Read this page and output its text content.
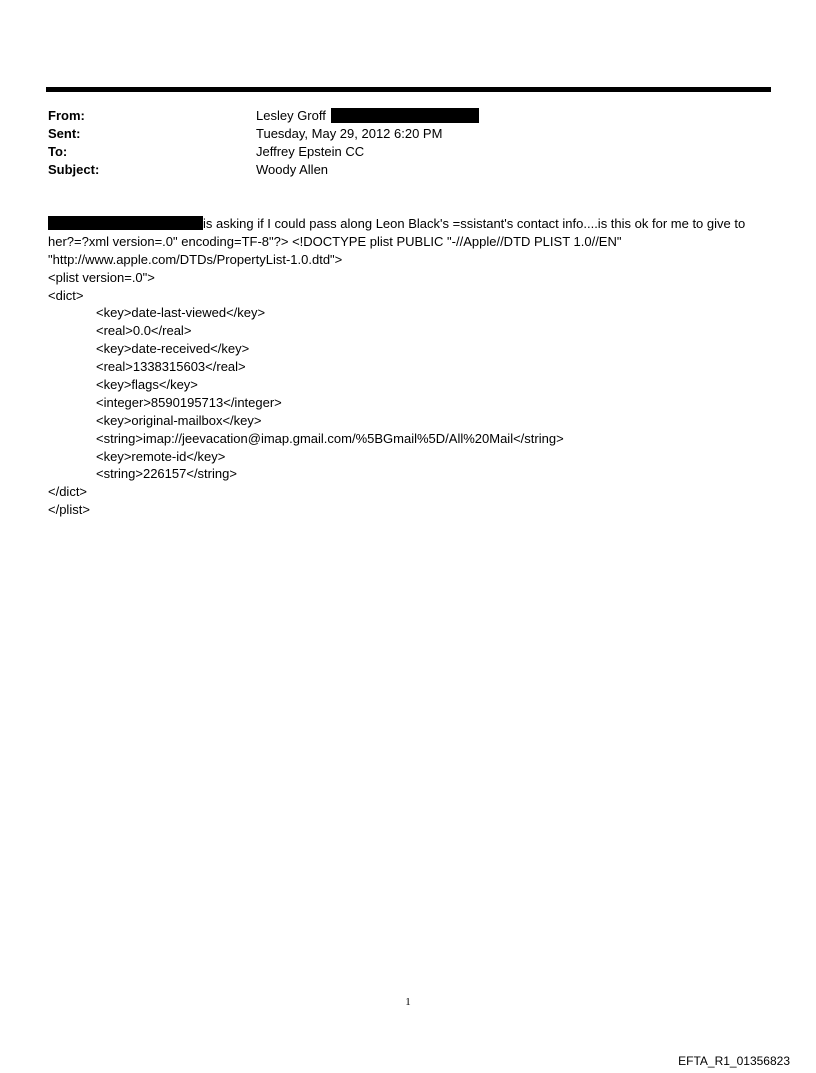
From:	Lesley Groff
Sent:	Tuesday, May 29, 2012 6:20 PM
To:	Jeffrey Epstein CC
Subject:	Woody Allen
is asking if I could pass along Leon Black's =ssistant's contact info....is this ok for me to give to
her?=?xml version=.0" encoding=TF-8"?> <!DOCTYPE plist PUBLIC "-//Apple//DTD PLIST 1.0//EN"
"http://www.apple.com/DTDs/PropertyList-1.0.dtd">
<plist version=.0">
<dict>
<key>date-last-viewed</key>
<real>0.0</real>
<key>date-received</key>
<real>1338315603</real>
<key>flags</key>
<integer>8590195713</integer>
<key>original-mailbox</key>
<string>imap://jeevacation@imap.gmail.com/%5BGmail%5D/All%20Mail</string>
<key>remote-id</key>
<string>226157</string>
</dict>
</plist>
1
EFTA_R1_01356823
